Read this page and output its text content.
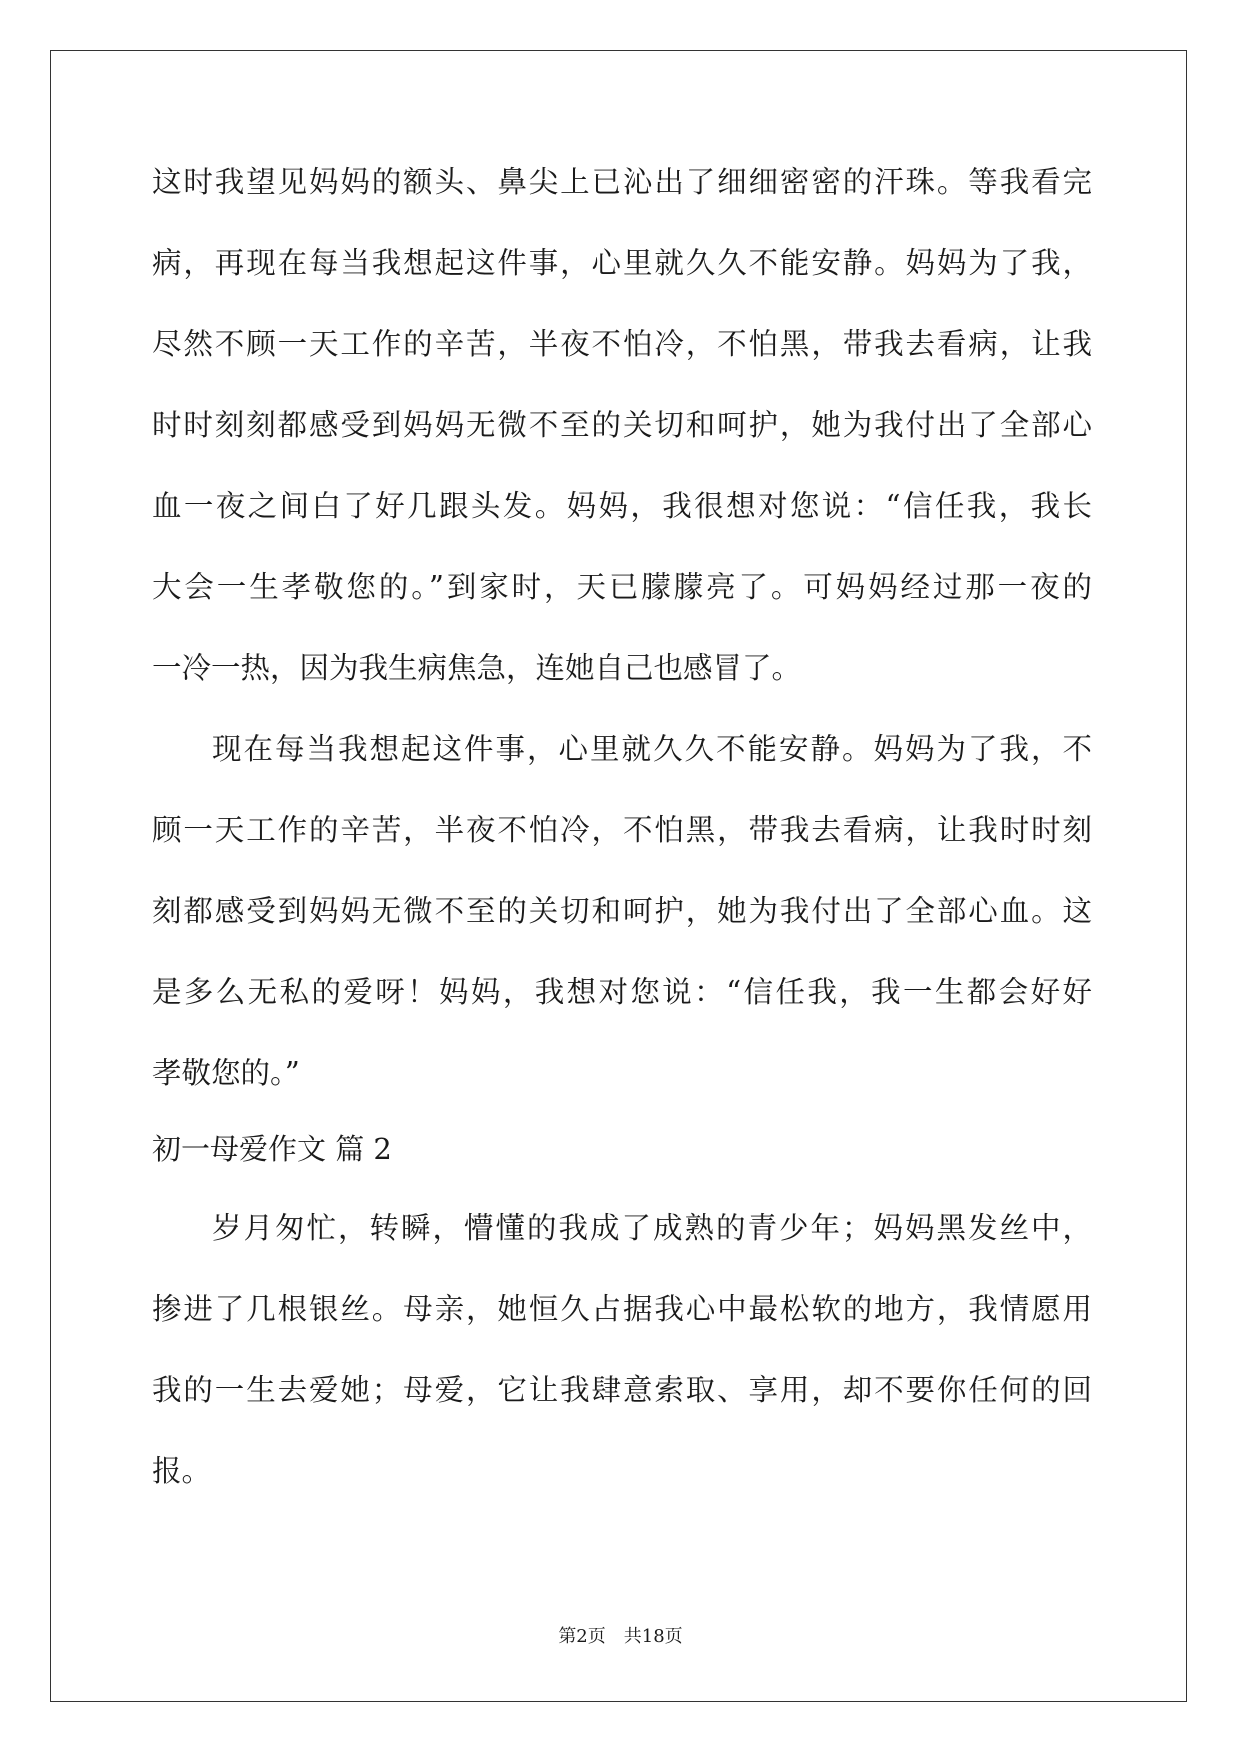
这时我望见妈妈的额头、鼻尖上已沁出了细细密密的汗珠。等我看完
病，再现在每当我想起这件事，心里就久久不能安静。妈妈为了我，
尽然不顾一天工作的辛苦，半夜不怕冷，不怕黑，带我去看病，让我
时时刻刻都感受到妈妈无微不至的关切和呵护，她为我付出了全部心
血一夜之间白了好几跟头发。妈妈，我很想对您说：“信任我，我长
大会一生孝敬您的。”到家时，天已朦朦亮了。可妈妈经过那一夜的
一冷一热，因为我生病焦急，连她自己也感冒了。
现在每当我想起这件事，心里就久久不能安静。妈妈为了我，不
顾一天工作的辛苦，半夜不怕冷，不怕黑，带我去看病，让我时时刻
刻都感受到妈妈无微不至的关切和呵护，她为我付出了全部心血。这
是多么无私的爱呀！妈妈，我想对您说：“信任我，我一生都会好好
孝敬您的。”
初一母爱作文 篇 2
岁月匆忙，转瞬，懵懂的我成了成熟的青少年；妈妈黑发丝中，
掺进了几根银丝。母亲，她恒久占据我心中最松软的地方，我情愿用
我的一生去爱她；母爱，它让我肆意索取、享用，却不要你任何的回
报。
第2页 共18页
